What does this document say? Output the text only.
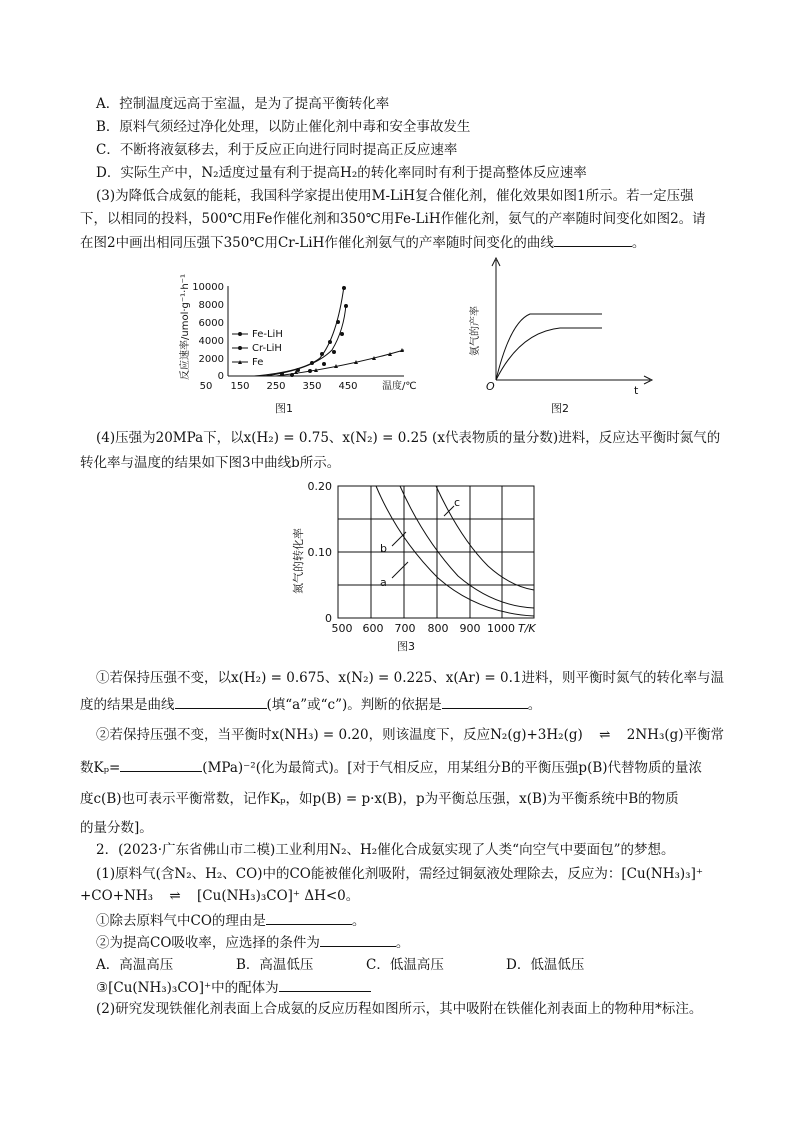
A．控制温度远高于室温，是为了提高平衡转化率
B．原料气须经过净化处理，以防止催化剂中毒和安全事故发生
C．不断将液氨移去，利于反应正向进行同时提高正反应速率
D．实际生产中，N₂适度过量有利于提高H₂的转化率同时有利于提高整体反应速率
(3)为降低合成氨的能耗，我国科学家提出使用M-LiH复合催化剂，催化效果如图1所示。若一定压强
下，以相同的投料，500℃用Fe作催化剂和350℃用Fe-LiH作催化剂，氨气的产率随时间变化如图2。请
在图2中画出相同压强下350℃用Cr-LiH作催化剂氨气的产率随时间变化的曲线	。
10000
8000
6000
4000
2000
0
50 150 250 350 450 温度/℃
反应速率/umol·g⁻¹·h⁻¹	Fe-LiH
Cr-LiH
Fe
图1
O	t
氨气的产率
图2
(4)压强为20MPa下，以x(H₂) = 0.75、x(N₂) = 0.25 (x代表物质的量分数)进料，反应达平衡时氮气的
转化率与温度的结果如下图3中曲线b所示。
a
b
c
0.20
0.10
0
500 600 700 800 900 1000 T/K
氮气的转化率
图3
①若保持压强不变，以x(H₂) = 0.675、x(N₂) = 0.225、x(Ar) = 0.1进料，则平衡时氮气的转化率与温
度的结果是曲线	(填“a”或“c”)。判断的依据是	。
②若保持压强不变，当平衡时x(NH₃) = 0.20，则该温度下，反应N₂(g)+3H₂(g) ⇌ 2NH₃(g)平衡常
数Kₚ=	(MPa)⁻²(化为最简式)。[对于气相反应，用某组分B的平衡压强p(B)代替物质的量浓
度c(B)也可表示平衡常数，记作Kₚ，如p(B) = p·x(B)，p为平衡总压强，x(B)为平衡系统中B的物质
的量分数]。
2．(2023·广东省佛山市二模)工业利用N₂、H₂催化合成氨实现了人类“向空气中要面包”的梦想。
(1)原料气(含N₂、H₂、CO)中的CO能被催化剂吸附，需经过铜氨液处理除去，反应为：[Cu(NH₃)₃]⁺
+CO+NH₃ ⇌ [Cu(NH₃)₃CO]⁺ ΔH<0。
①除去原料气中CO的理由是	。
②为提高CO吸收率，应选择的条件为	。
A．高温高压	B．高温低压	C．低温高压	D．低温低压
③[Cu(NH₃)₃CO]⁺中的配体为
(2)研究发现铁催化剂表面上合成氨的反应历程如图所示，其中吸附在铁催化剂表面上的物种用*标注。
